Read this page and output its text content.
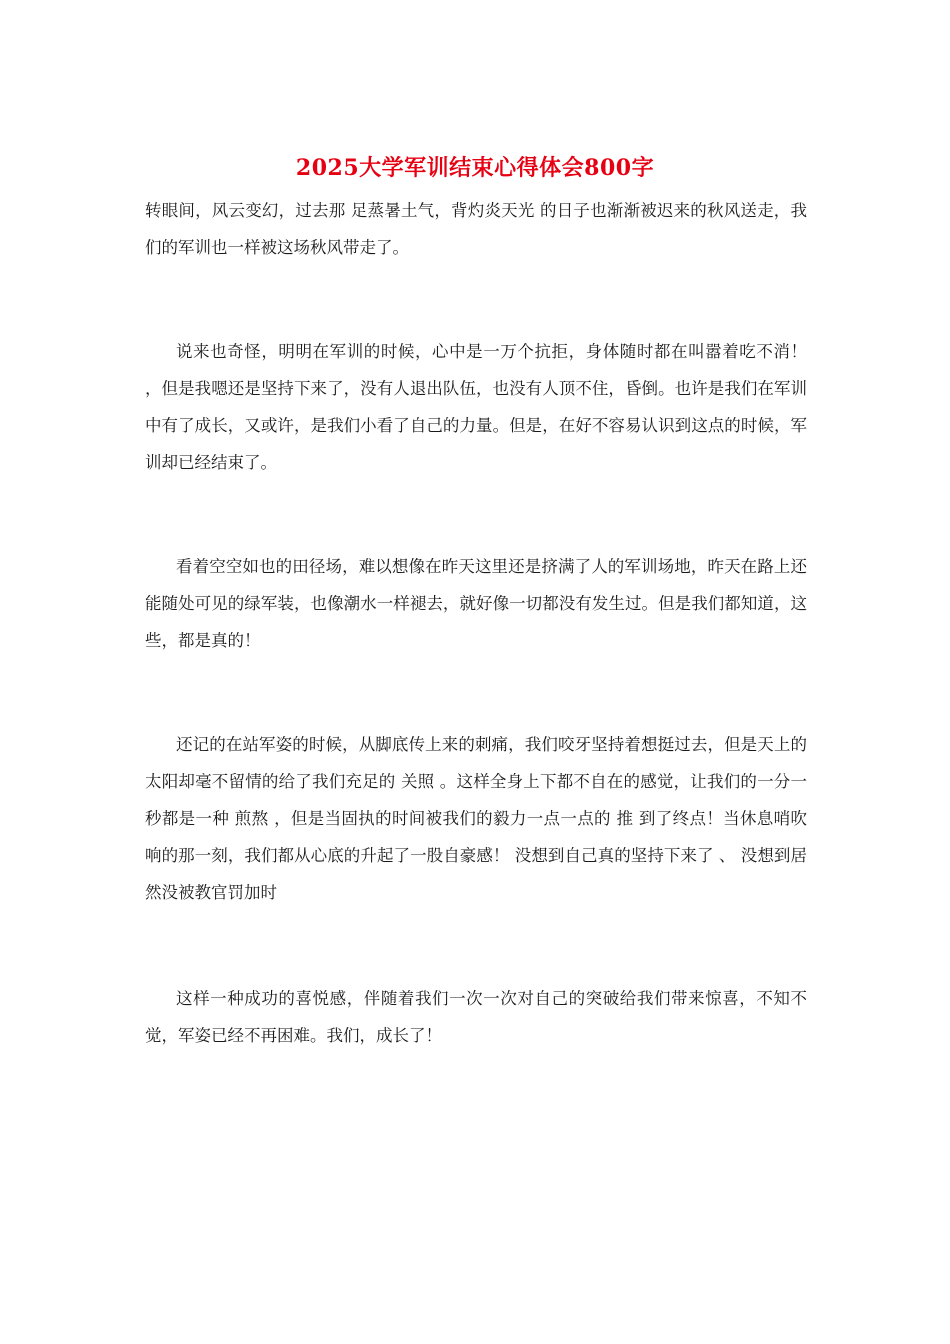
2025大学军训结束心得体会800字

转眼间，风云变幻，过去那 足蒸暑土气，背灼炎天光 的日子也渐渐被迟来的秋风送走，我们的军训也一样被这场秋风带走了。

说来也奇怪，明明在军训的时候，心中是一万个抗拒，身体随时都在叫嚣着吃不消！ ，但是我嗯还是坚持下来了，没有人退出队伍，也没有人顶不住，昏倒。也许是我们在军训中有了成长，又或许，是我们小看了自己的力量。但是，在好不容易认识到这点的时候，军训却已经结束了。

看着空空如也的田径场，难以想像在昨天这里还是挤满了人的军训场地，昨天在路上还能随处可见的绿军装，也像潮水一样褪去，就好像一切都没有发生过。但是我们都知道，这些，都是真的！

还记的在站军姿的时候，从脚底传上来的刺痛，我们咬牙坚持着想挺过去，但是天上的太阳却毫不留情的给了我们充足的 关照 。这样全身上下都不自在的感觉，让我们的一分一秒都是一种 煎熬 ，但是当固执的时间被我们的毅力一点一点的 推 到了终点！当休息哨吹响的那一刻，我们都从心底的升起了一股自豪感！ 没想到自己真的坚持下来了 、 没想到居然没被教官罚加时

这样一种成功的喜悦感，伴随着我们一次一次对自己的突破给我们带来惊喜，不知不觉，军姿已经不再困难。我们，成长了！
